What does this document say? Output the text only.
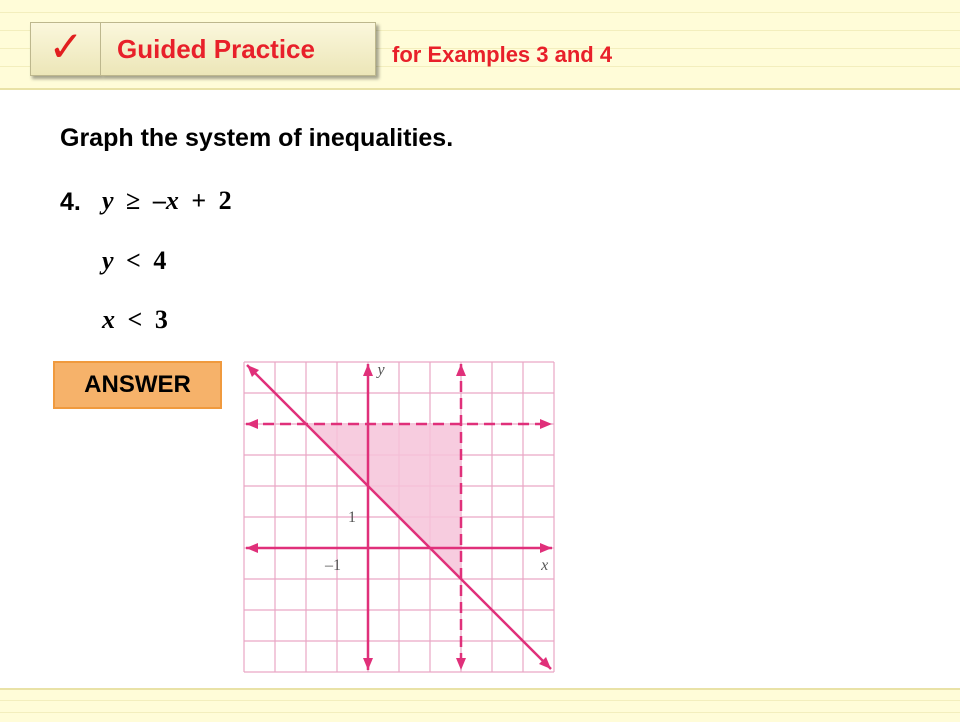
✓	Guided Practice	for Examples 3 and 4
Graph the system of inequalities.
4. y ≥ –x + 2
y < 4
x < 3
ANSWER
x
y
–1
1
